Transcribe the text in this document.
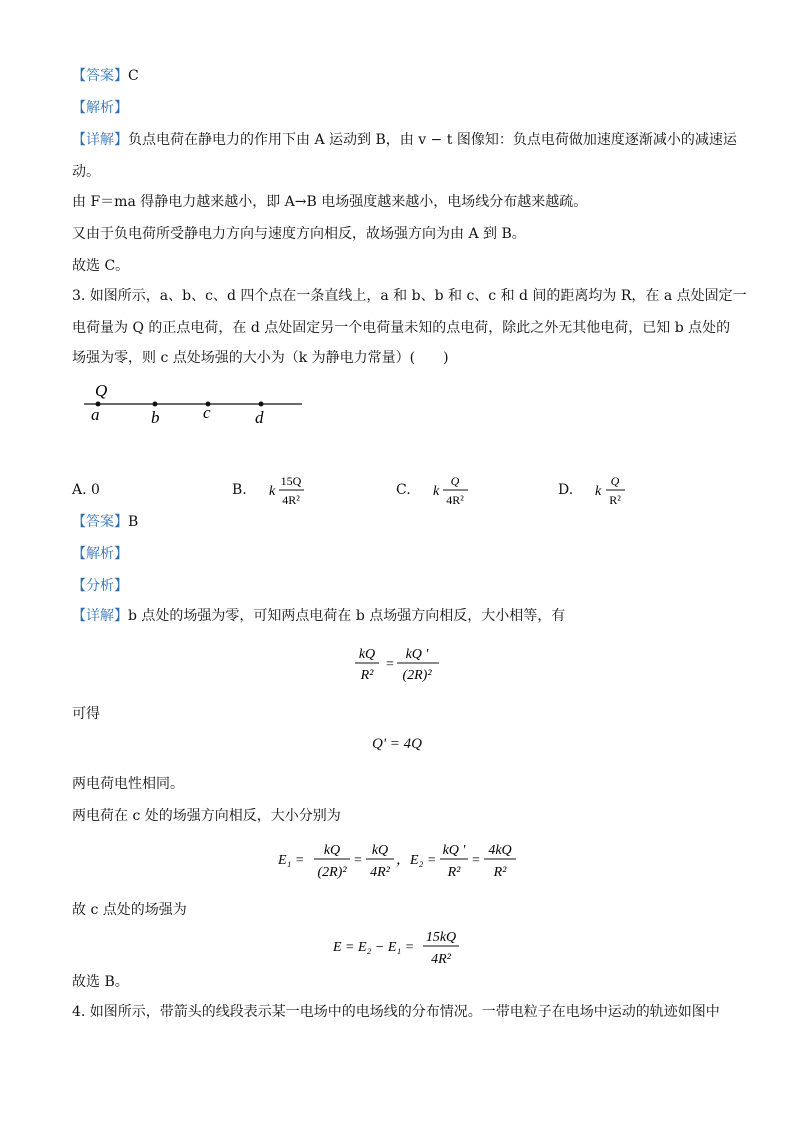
【答案】C
【解析】
【详解】负点电荷在静电力的作用下由 A 运动到 B，由 v − t 图像知：负点电荷做加速度逐渐减小的减速运
动。
由 F＝ma 得静电力越来越小，即 A→B 电场强度越来越小，电场线分布越来越疏。
又由于负电荷所受静电力方向与速度方向相反，故场强方向为由 A 到 B。
故选 C。
3. 如图所示，a、b、c、d 四个点在一条直线上，a 和 b、b 和 c、c 和 d 间的距离均为 R，在 a 点处固定一
电荷量为 Q 的正点电荷，在 d 点处固定另一个电荷量未知的点电荷，除此之外无其他电荷，已知 b 点处的
场强为零，则 c 点处场强的大小为（k 为静电力常量）(　　)
Q
a	b	c	d
A.
0	B. k
15Q
4R²
C. k
Q
4R²
D. k
Q
R²
【答案】B
【解析】
【分析】
【详解】b 点处的场强为零，可知两点电荷在 b 点场强方向相反，大小相等，有
kQ
R²
=
kQ '
(2R)²
可得
Q' = 4Q
两电荷电性相同。
两电荷在 c 处的场强方向相反，大小分别为
E₁ =
kQ
(2R)²
=
kQ
4R²
，E₂ =
kQ '
R²
=
4kQ
R²
故 c 点处的场强为
E = E₂ − E₁ =
15kQ
4R²
故选 B。
4. 如图所示，带箭头的线段表示某一电场中的电场线的分布情况。一带电粒子在电场中运动的轨迹如图中
